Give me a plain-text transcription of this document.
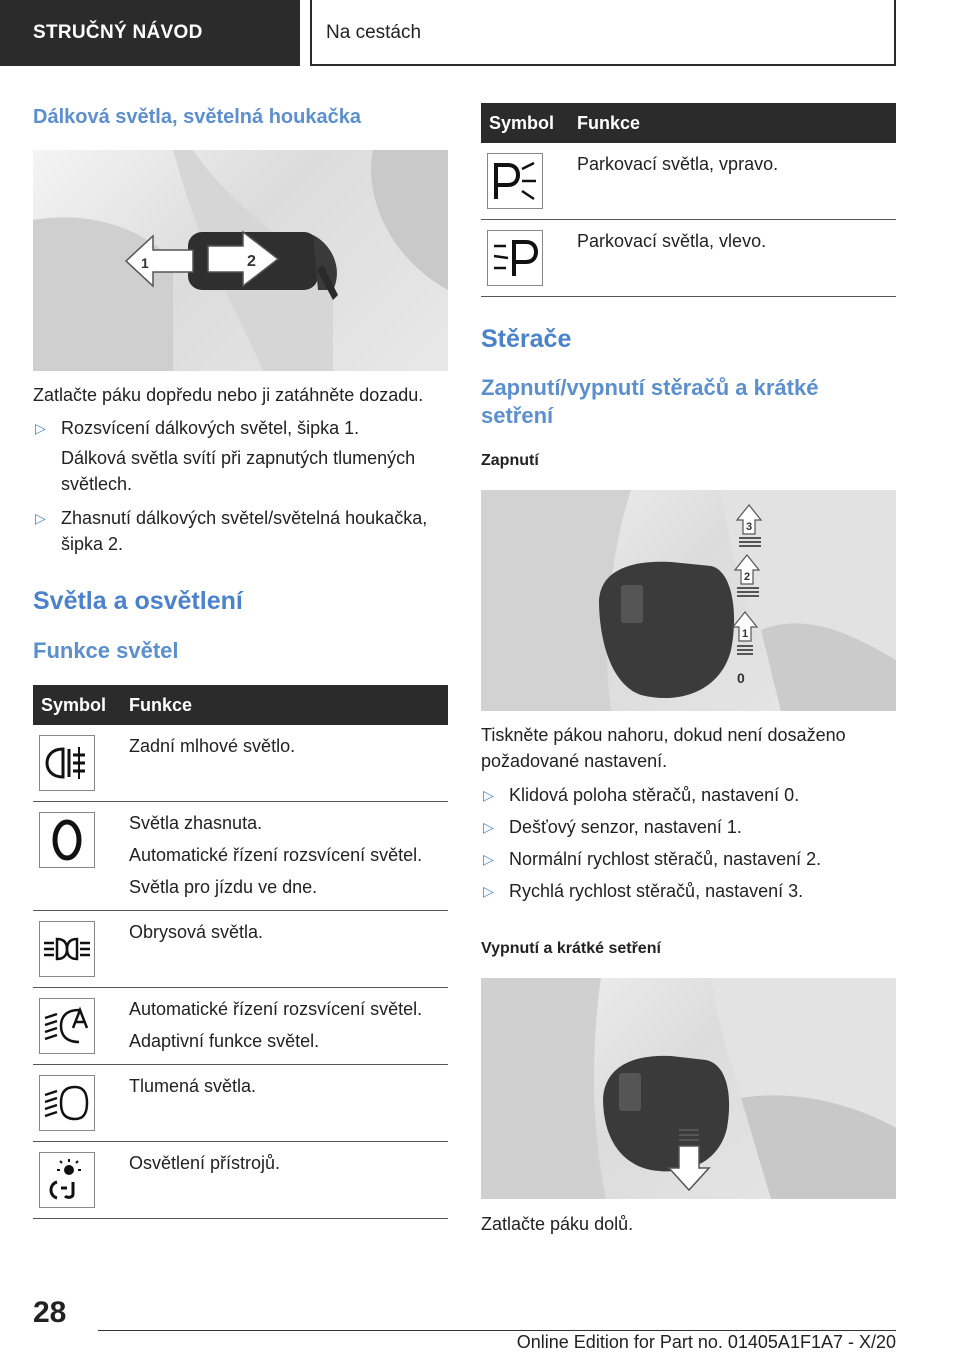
STRUČNÝ NÁVOD	Na cestách
Dálková světla, světelná houkačka
1	2

Zatlačte páku dopředu nebo ji zatáhněte dozadu.

▷ Rozsvícení dálkových světel, šipka 1.

Dálková světla svítí při zapnutých tlumených světlech.

▷ Zhasnutí dálkových světel/světelná houkačka, šipka 2.
Světla a osvětlení
Funkce světel
Symbol	Funkce

Zadní mlhové světlo.

Světla zhasnuta.
Automatické řízení rozsvícení světel.
Světla pro jízdu ve dne.

Obrysová světla.

Automatické řízení rozsvícení světel.
Adaptivní funkce světel.

Tlumená světla.

Osvětlení přístrojů.
Symbol	Funkce

Parkovací světla, vpravo.

Parkovací světla, vlevo.
Stěrače
Zapnutí/vypnutí stěračů a krátké setření
Zapnutí
3
2
1
0

Tiskněte pákou nahoru, dokud není dosaženo požadované nastavení.

▷ Klidová poloha stěračů, nastavení 0.
▷ Dešťový senzor, nastavení 1.
▷ Normální rychlost stěračů, nastavení 2.
▷ Rychlá rychlost stěračů, nastavení 3.
Vypnutí a krátké setření

Zatlačte páku dolů.

28
Online Edition for Part no. 01405A1F1A7 - X/20
